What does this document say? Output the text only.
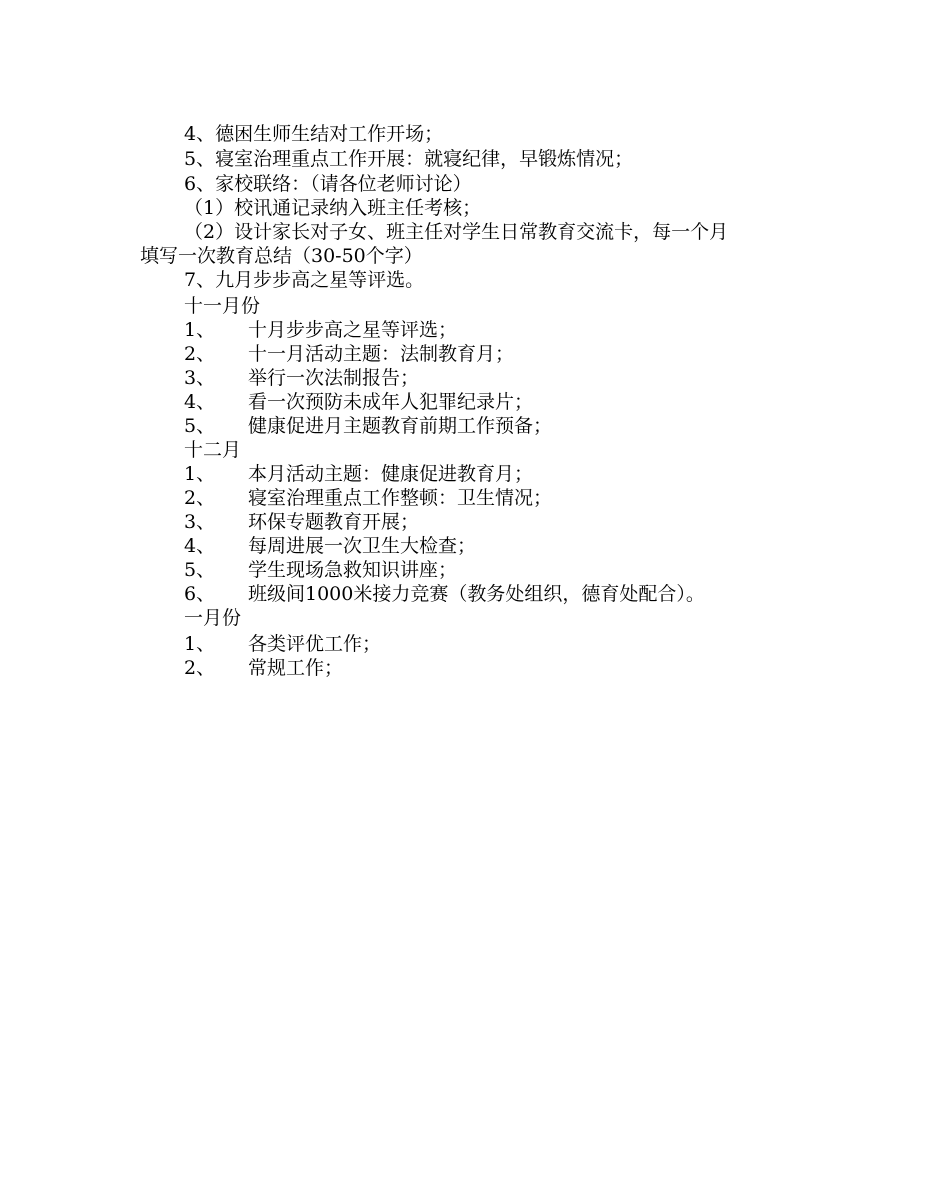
4、德困生师生结对工作开场；
5、寝室治理重点工作开展：就寝纪律，早锻炼情况；
6、家校联络：（请各位老师讨论）
（1）校讯通记录纳入班主任考核；
（2）设计家长对子女、班主任对学生日常教育交流卡，每一个月
填写一次教育总结（30-50个字）
7、九月步步高之星等评选。
十一月份
1、 十月步步高之星等评选；
2、 十一月活动主题：法制教育月；
3、 举行一次法制报告；
4、 看一次预防未成年人犯罪纪录片；
5、 健康促进月主题教育前期工作预备；
十二月
1、 本月活动主题：健康促进教育月；
2、 寝室治理重点工作整顿：卫生情况；
3、 环保专题教育开展；
4、 每周进展一次卫生大检查；
5、 学生现场急救知识讲座；
6、 班级间1000米接力竞赛（教务处组织，德育处配合）。
一月份
1、 各类评优工作；
2、 常规工作；
